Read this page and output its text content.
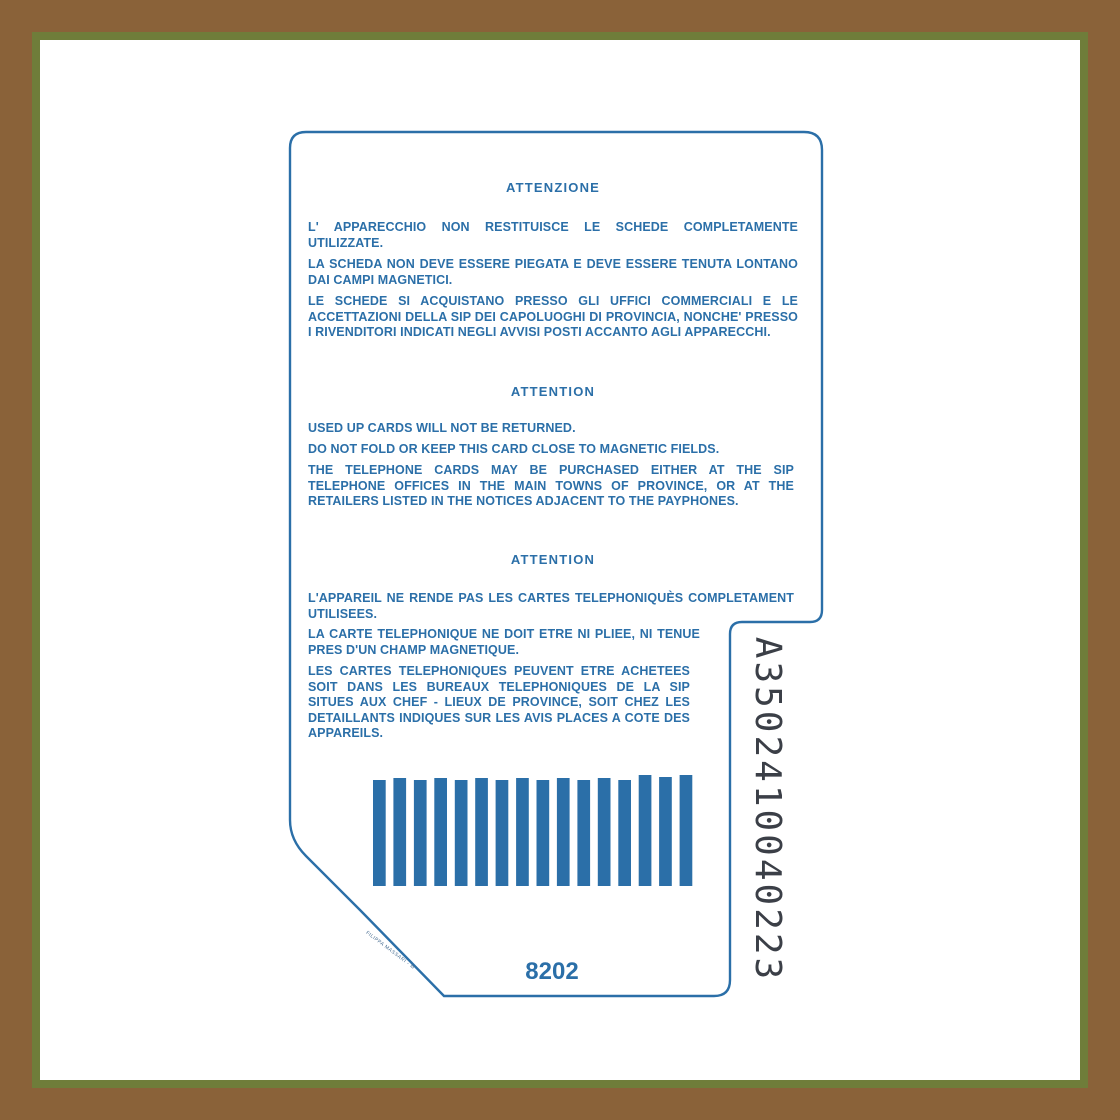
ATTENZIONE
L' APPARECCHIO NON RESTITUISCE LE SCHEDE COMPLETAMENTE UTILIZZATE.
LA SCHEDA NON DEVE ESSERE PIEGATA E DEVE ESSERE TENUTA LONTANO DAI CAMPI MAGNETICI.
LE SCHEDE SI ACQUISTANO PRESSO GLI UFFICI COMMERCIALI E LE ACCETTAZIONI DELLA SIP DEI CAPOLUOGHI DI PROVINCIA, NONCHE' PRESSO I RIVENDITORI INDICATI NEGLI AVVISI POSTI ACCANTO AGLI APPARECCHI.
ATTENTION
USED UP CARDS WILL NOT BE RETURNED.
DO NOT FOLD OR KEEP THIS CARD CLOSE TO MAGNETIC FIELDS.
THE TELEPHONE CARDS MAY BE PURCHASED EITHER AT THE SIP TELEPHONE OFFICES IN THE MAIN TOWNS OF PROVINCE, OR AT THE RETAILERS LISTED IN THE NOTICES ADJACENT TO THE PAYPHONES.
ATTENTION
L'APPAREIL NE RENDE PAS LES CARTES TELEPHONIQUÈS COMPLETAMENT UTILISEES.
LA CARTE TELEPHONIQUE NE DOIT ETRE NI PLIEE, NI TENUE PRES D'UN CHAMP MAGNETIQUE.
LES CARTES TELEPHONIQUES PEUVENT ETRE ACHETEES SOIT DANS LES BUREAUX TELEPHONIQUES DE LA SIP SITUES AUX CHEF - LIEUX DE PROVINCE, SOIT CHEZ LES DETAILLANTS INDIQUES SUR LES AVIS PLACES A COTE DES APPAREILS.	A3502410040223
8202
FILIPPA MASSARI - M
